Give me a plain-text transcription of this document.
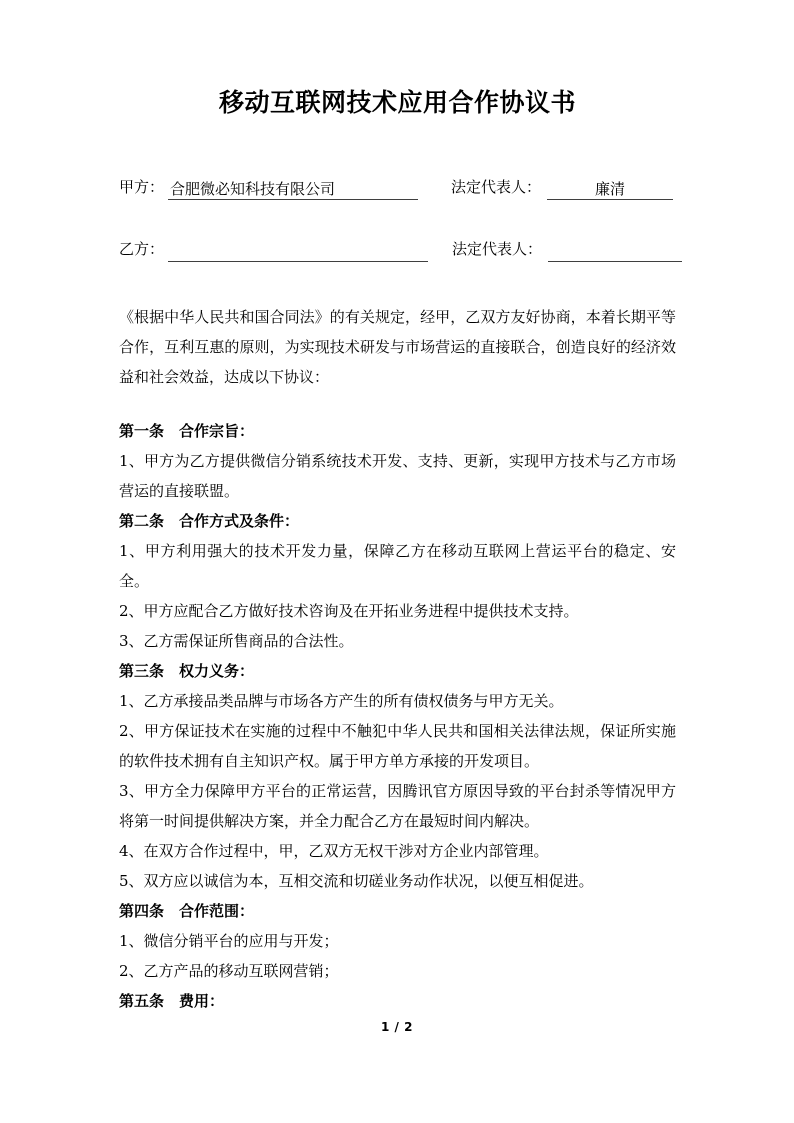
移动互联网技术应用合作协议书
甲方： 合肥微必知科技有限公司	法定代表人：	廉清
乙方：	法定代表人：

《根据中华人民共和国合同法》的有关规定，经甲，乙双方友好协商，本着长期平等合作，互利互惠的原则，为实现技术研发与市场营运的直接联合，创造良好的经济效益和社会效益，达成以下协议：

第一条　合作宗旨：

1、甲方为乙方提供微信分销系统技术开发、支持、更新，实现甲方技术与乙方市场营运的直接联盟。

第二条　合作方式及条件：

1、甲方利用强大的技术开发力量，保障乙方在移动互联网上营运平台的稳定、安全。

2、甲方应配合乙方做好技术咨询及在开拓业务进程中提供技术支持。

3、乙方需保证所售商品的合法性。

第三条　权力义务：

1、乙方承接品类品牌与市场各方产生的所有债权债务与甲方无关。

2、甲方保证技术在实施的过程中不触犯中华人民共和国相关法律法规，保证所实施的软件技术拥有自主知识产权。属于甲方单方承接的开发项目。

3、甲方全力保障甲方平台的正常运营，因腾讯官方原因导致的平台封杀等情况甲方将第一时间提供解决方案，并全力配合乙方在最短时间内解决。

4、在双方合作过程中，甲，乙双方无权干涉对方企业内部管理。

5、双方应以诚信为本，互相交流和切磋业务动作状况，以便互相促进。

第四条　合作范围：

1、微信分销平台的应用与开发；

2、乙方产品的移动互联网营销；

第五条　费用：

1 / 2
